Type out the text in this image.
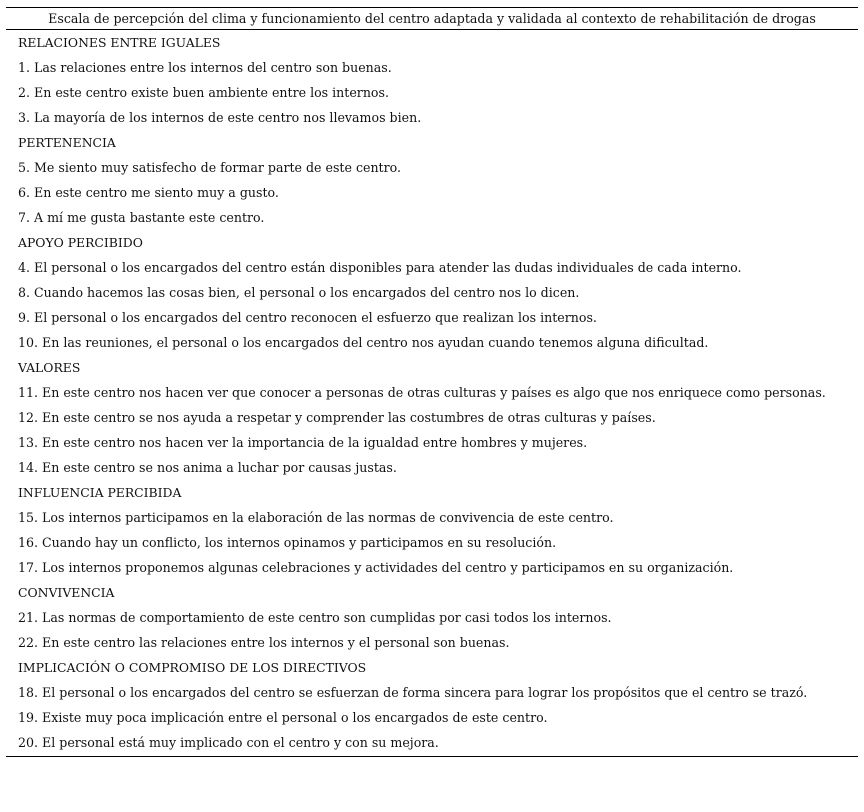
Escala de percepción del clima y funcionamiento del centro adaptada y validada al contexto de rehabilitación de drogas
RELACIONES ENTRE IGUALES
1. Las relaciones entre los internos del centro son buenas.
2. En este centro existe buen ambiente entre los internos.
3. La mayoría de los internos de este centro nos llevamos bien.
PERTENENCIA
5. Me siento muy satisfecho de formar parte de este centro.
6. En este centro me siento muy a gusto.
7. A mí me gusta bastante este centro.
APOYO PERCIBIDO
4. El personal o los encargados del centro están disponibles para atender las dudas individuales de cada interno.
8. Cuando hacemos las cosas bien, el personal o los encargados del centro nos lo dicen.
9. El personal o los encargados del centro reconocen el esfuerzo que realizan los internos.
10. En las reuniones, el personal o los encargados del centro nos ayudan cuando tenemos alguna dificultad.
VALORES
11. En este centro nos hacen ver que conocer a personas de otras culturas y países es algo que nos enriquece como personas.
12. En este centro se nos ayuda a respetar y comprender las costumbres de otras culturas y países.
13. En este centro nos hacen ver la importancia de la igualdad entre hombres y mujeres.
14. En este centro se nos anima a luchar por causas justas.
INFLUENCIA PERCIBIDA
15. Los internos participamos en la elaboración de las normas de convivencia de este centro.
16. Cuando hay un conflicto, los internos opinamos y participamos en su resolución.
17. Los internos proponemos algunas celebraciones y actividades del centro y participamos en su organización.
CONVIVENCIA
21. Las normas de comportamiento de este centro son cumplidas por casi todos los internos.
22. En este centro las relaciones entre los internos y el personal son buenas.
IMPLICACIÓN O COMPROMISO DE LOS DIRECTIVOS
18. El personal o los encargados del centro se esfuerzan de forma sincera para lograr los propósitos que el centro se trazó.
19. Existe muy poca implicación entre el personal o los encargados de este centro.
20. El personal está muy implicado con el centro y con su mejora.
